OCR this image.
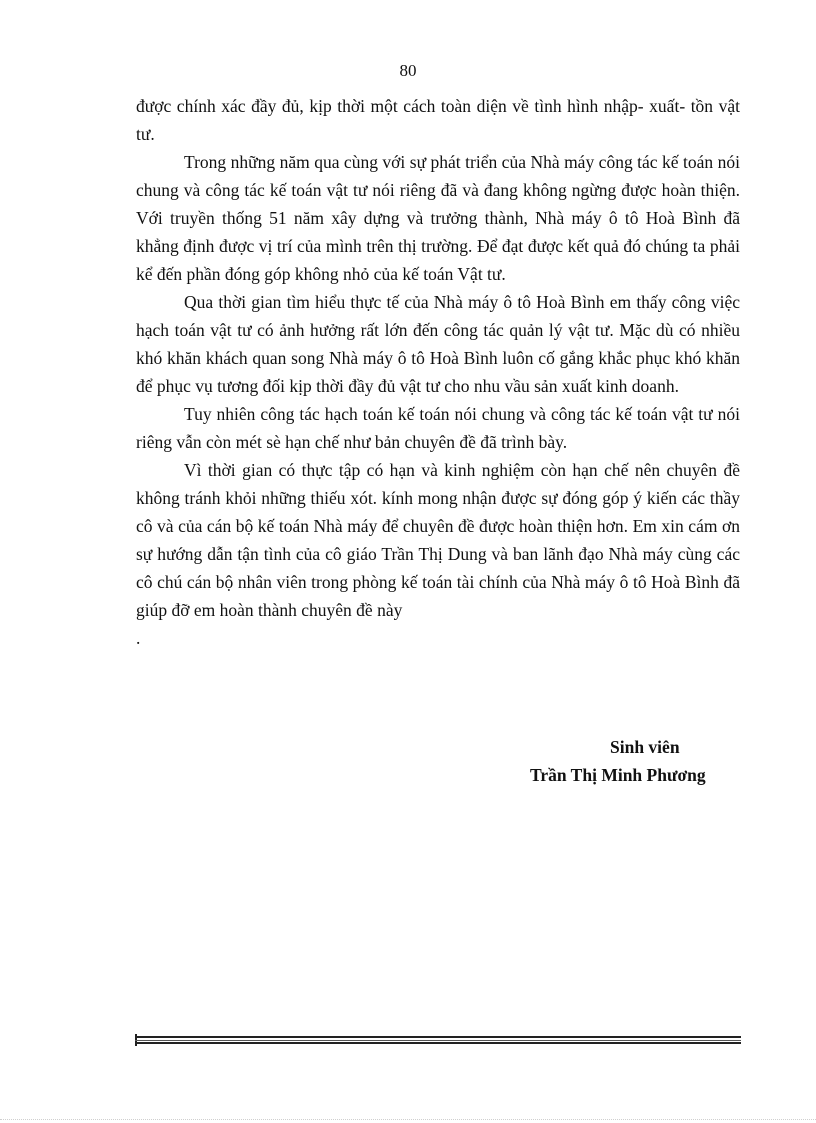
80

được chính xác đầy đủ, kịp thời một cách toàn diện về tình hình nhập- xuất- tồn vật tư.

Trong những năm qua cùng với sự phát triển của Nhà máy công tác kế toán nói chung và công tác kế toán vật tư nói riêng đã và đang không ngừng được hoàn thiện. Với truyền thống 51 năm xây dựng và trưởng thành, Nhà máy ô tô Hoà Bình đã khẳng định được vị trí của mình trên thị trường. Để đạt được kết quả đó chúng ta phải kể đến phần đóng góp không nhỏ của kế toán Vật tư.

Qua thời gian tìm hiểu thực tế của Nhà máy ô tô Hoà Bình em thấy công việc hạch toán vật tư có ảnh hưởng rất lớn đến công tác quản lý vật tư. Mặc dù có nhiều khó khăn khách quan song Nhà máy ô tô Hoà Bình luôn cố gắng khắc phục khó khăn để phục vụ tương đối kịp thời đầy đủ vật tư cho nhu vầu sản xuất kinh doanh.

Tuy nhiên công tác hạch toán kế toán nói chung và công tác kế toán vật tư nói riêng vẫn còn mét sè hạn chế như bản chuyên đề đã trình bày.

Vì thời gian có thực tập có hạn và kinh nghiệm còn hạn chế nên chuyên đề không tránh khỏi những thiếu xót. kính mong nhận được sự đóng góp ý kiến các thầy cô và của cán bộ kế toán Nhà máy để chuyên đề được hoàn thiện hơn. Em xin cám ơn sự hướng dẫn tận tình của cô giáo Trần Thị Dung và ban lãnh đạo Nhà máy cùng các cô chú cán bộ nhân viên trong phòng kế toán tài chính của Nhà máy ô tô Hoà Bình đã giúp đỡ em hoàn thành chuyên đề này

.

Sinh viên
Trần Thị Minh Phương
